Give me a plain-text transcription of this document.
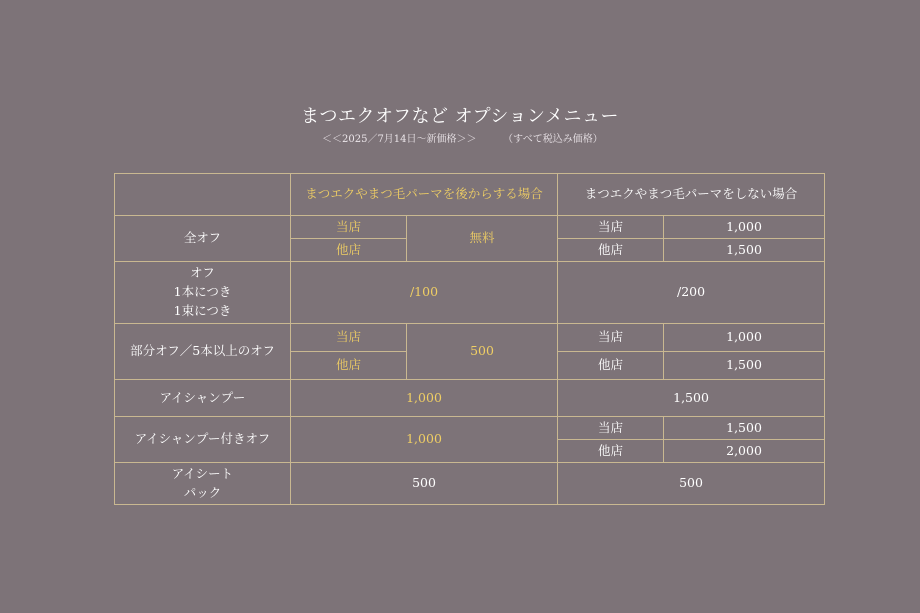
まつエクオフなど オプションメニュー
＜＜2025／7月14日～新価格＞＞	（すべて税込み価格）
	まつエクやまつ毛パーマを後からする場合		まつエクやまつ毛パーマをしない場合	
全オフ	当店	無料	当店	1,000
	他店		他店	1,500
オフ
1本につき
1束につき	/100		/200	
部分オフ／5本以上のオフ	当店	500	当店	1,000
	他店		他店	1,500
アイシャンプー	1,000		1,500	
アイシャンプー付きオフ	1,000		当店	1,500
			他店	2,000
アイシート
パック	500		500	
